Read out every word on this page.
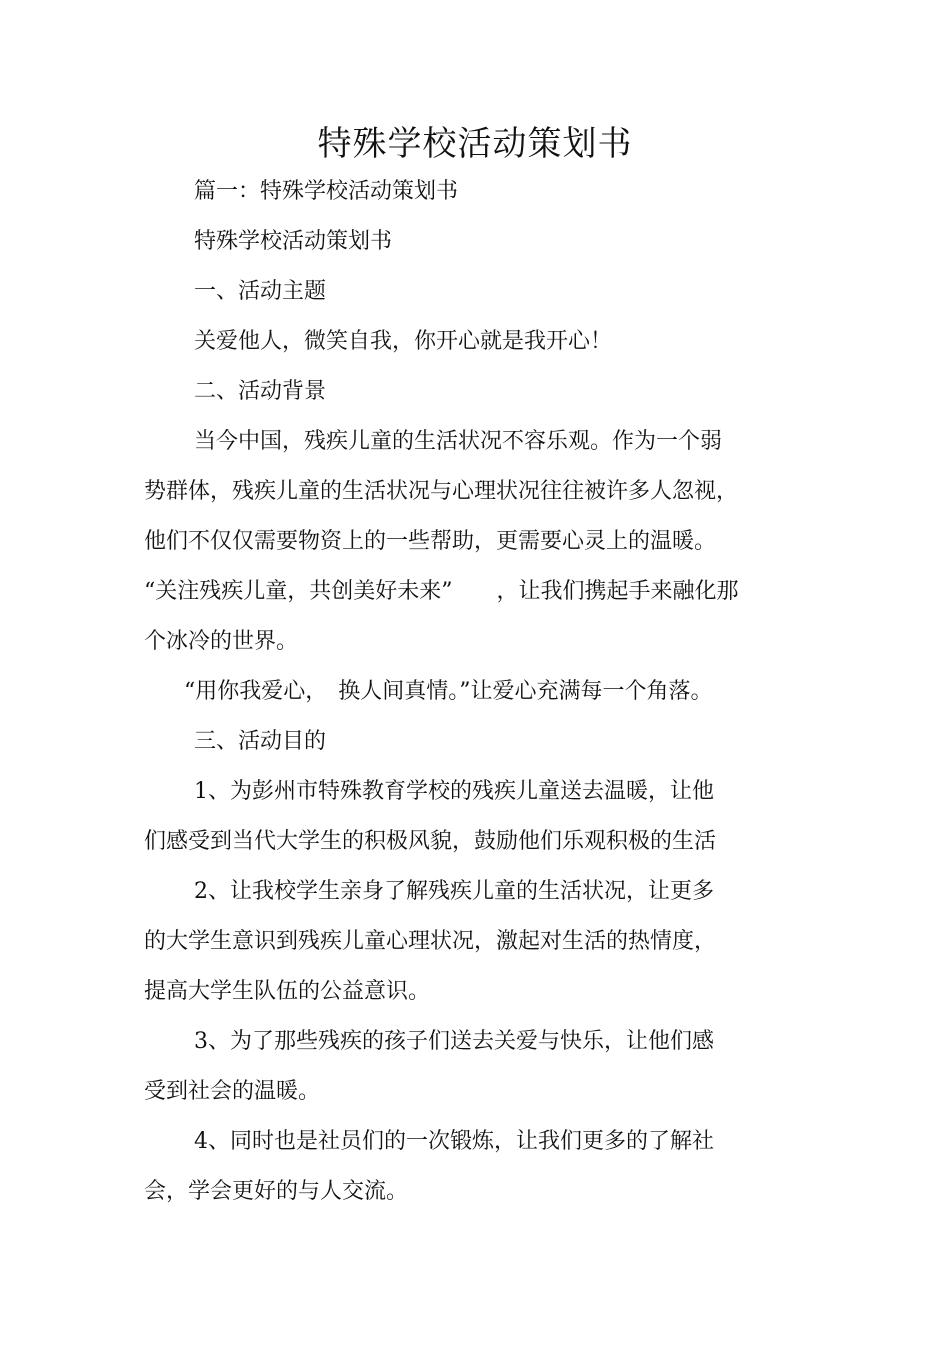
特殊学校活动策划书
篇一：特殊学校活动策划书
特殊学校活动策划书
一、活动主题
关爱他人，微笑自我，你开心就是我开心！
二、活动背景
当今中国，残疾儿童的生活状况不容乐观。作为一个弱
势群体，残疾儿童的生活状况与心理状况往往被许多人忽视，
他们不仅仅需要物资上的一些帮助，更需要心灵上的温暖。
“关注残疾儿童，共创美好未来”　　，让我们携起手来融化那
个冰冷的世界。
“用你我爱心，　换人间真情。”让爱心充满每一个角落。
三、活动目的
1、为彭州市特殊教育学校的残疾儿童送去温暖，让他
们感受到当代大学生的积极风貌，鼓励他们乐观积极的生活
2、让我校学生亲身了解残疾儿童的生活状况，让更多
的大学生意识到残疾儿童心理状况，激起对生活的热情度，
提高大学生队伍的公益意识。
3、为了那些残疾的孩子们送去关爱与快乐，让他们感
受到社会的温暖。
4、同时也是社员们的一次锻炼，让我们更多的了解社
会，学会更好的与人交流。
